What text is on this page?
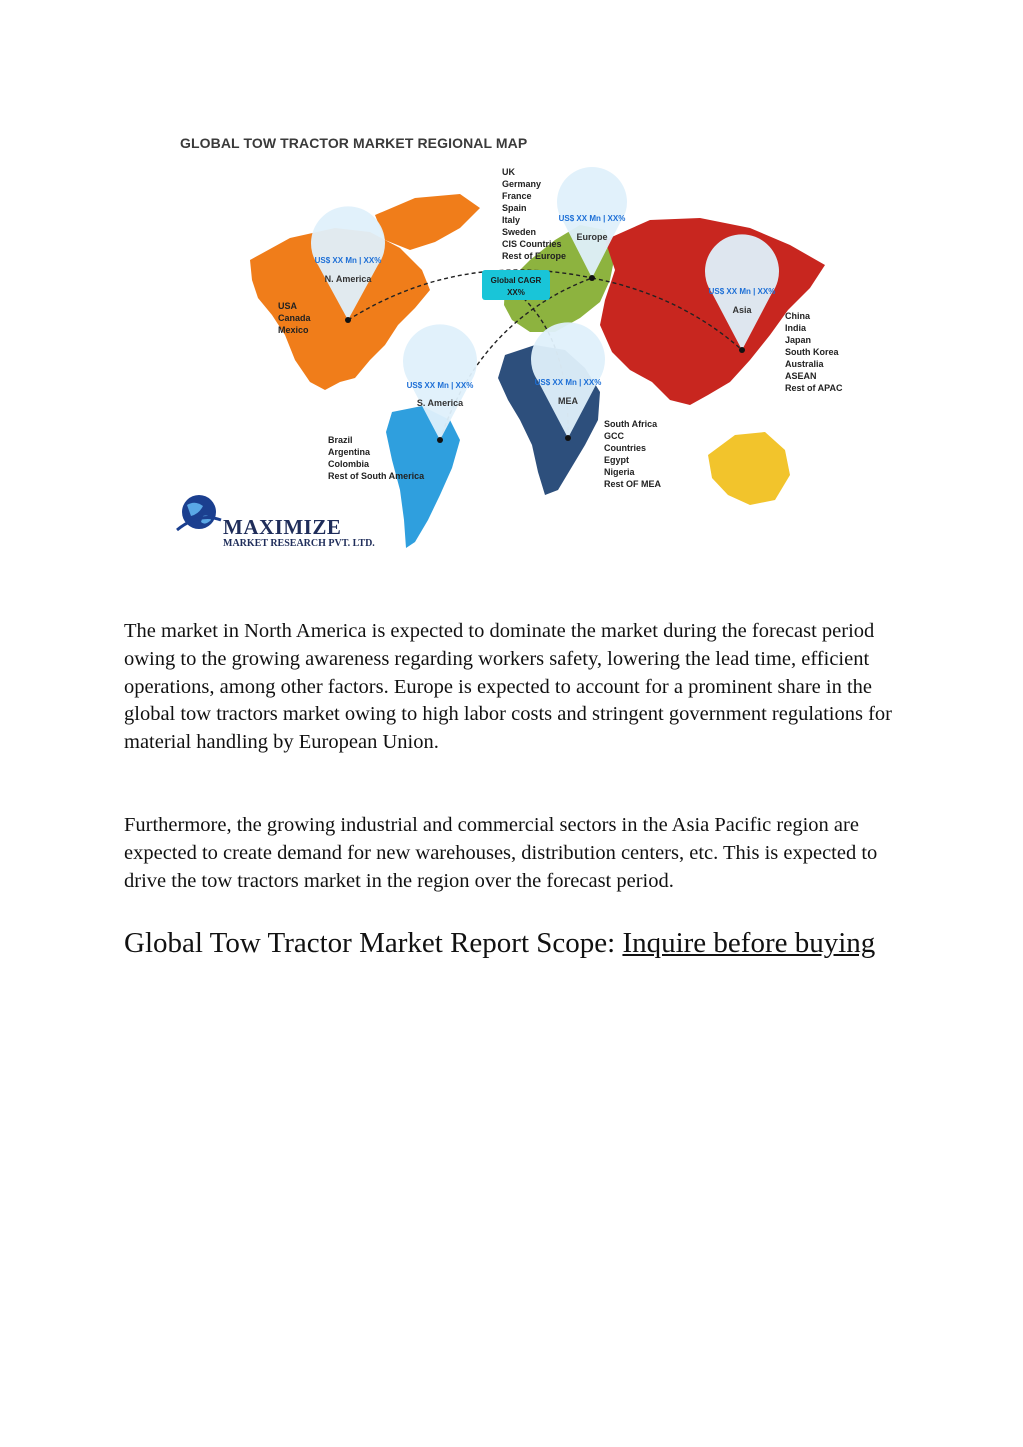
US$ XX Mn | XX%
N. America
US$ XX Mn | XX%
Europe
US$ XX Mn | XX%
Asia
US$ XX Mn | XX%
S. America
US$ XX Mn | XX%
MEA
Global CAGR
XX%
GLOBAL TOW TRACTOR MARKET REGIONAL MAP
UK
Germany
France
Spain
Italy
Sweden
CIS Countries
Rest of Europe
USA
Canada
Mexico
China
India
Japan
South Korea
Australia
ASEAN
Rest of APAC
Brazil
Argentina
Colombia
Rest of South America
South Africa
GCC
Countries
Egypt
Nigeria
Rest OF MEA
MAXIMIZE
MARKET RESEARCH PVT. LTD.

The market in North America is expected to dominate the market during the forecast period owing to the growing awareness regarding workers safety, lowering the lead time, efficient operations, among other factors. Europe is expected to account for a prominent share in the global tow tractors market owing to high labor costs and stringent government regulations for material handling by European Union.

Furthermore, the growing industrial and commercial sectors in the Asia Pacific region are expected to create demand for new warehouses, distribution centers, etc. This is expected to drive the tow tractors market in the region over the forecast period.

Global Tow Tractor Market Report Scope: Inquire before buying
